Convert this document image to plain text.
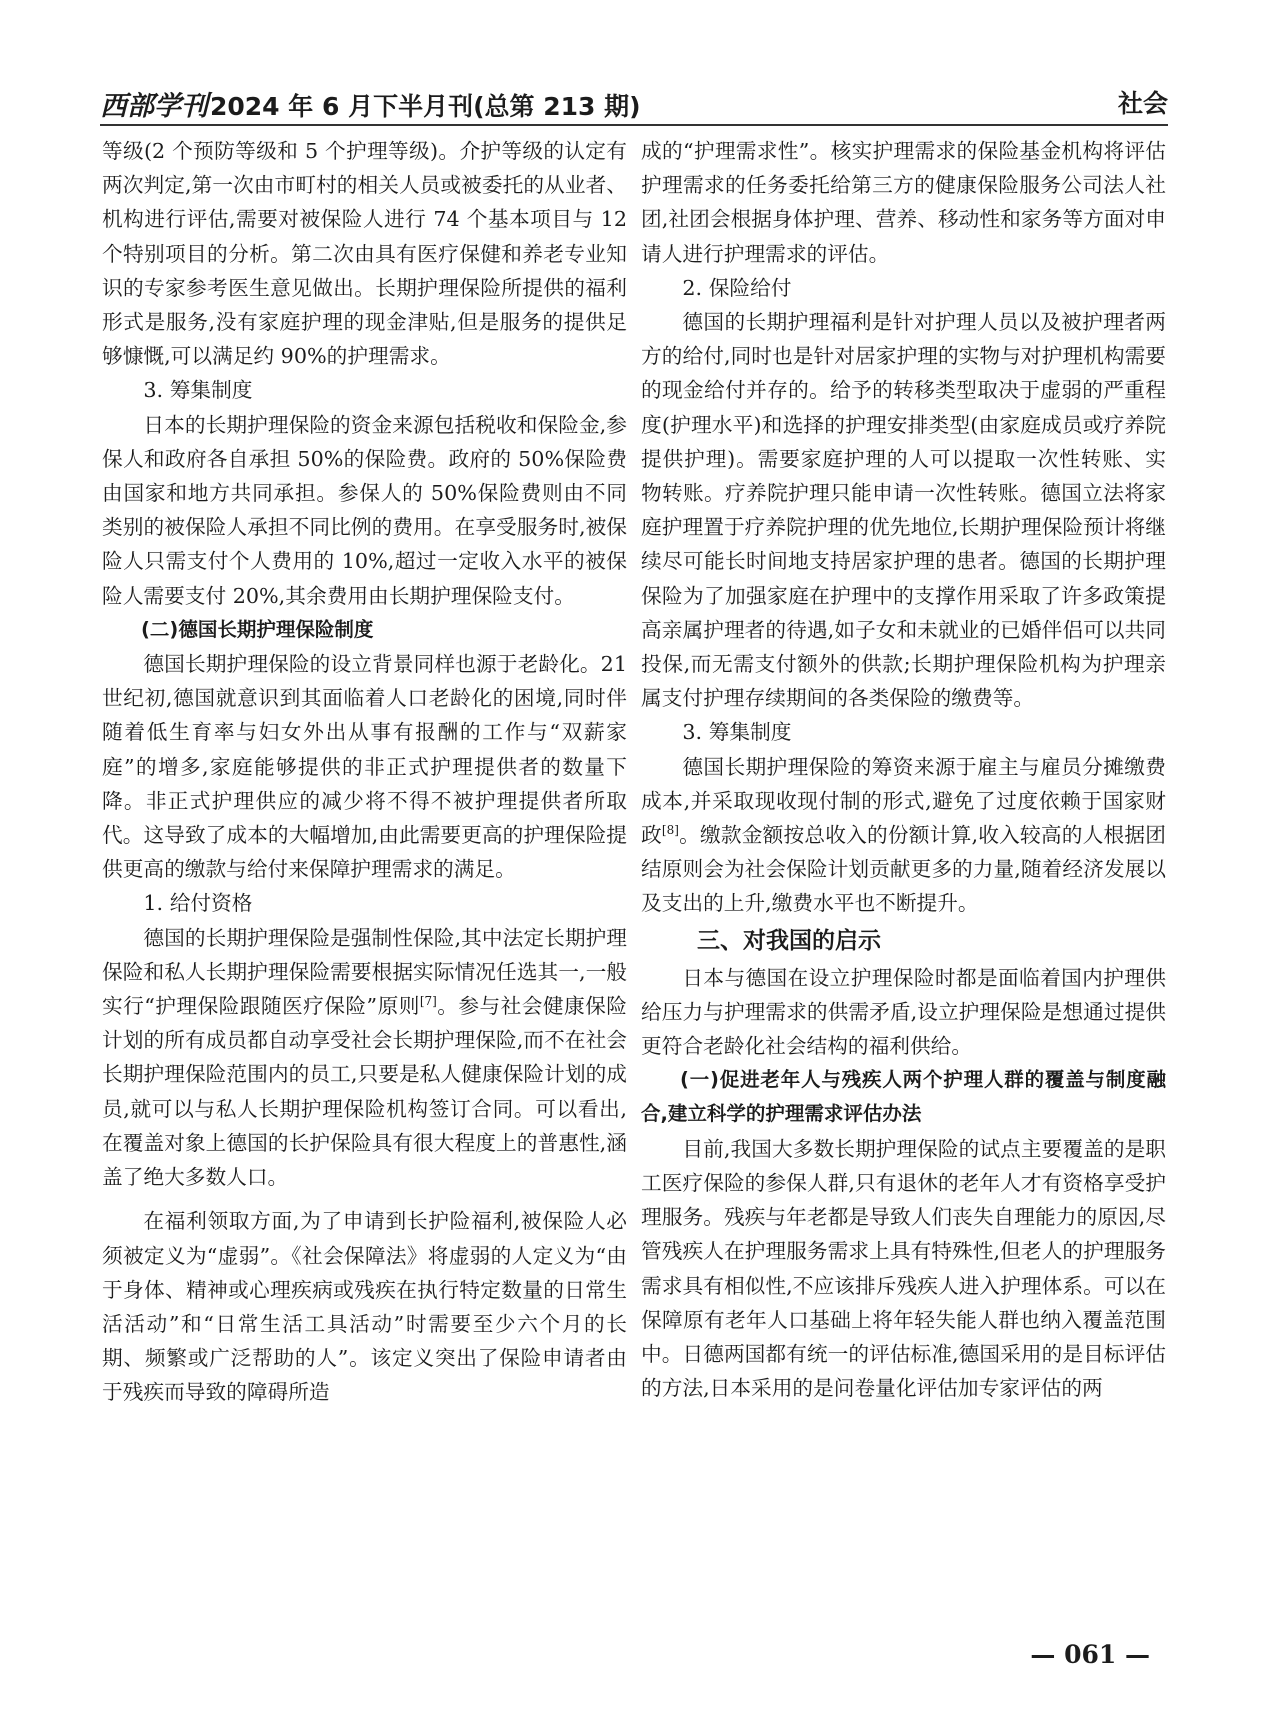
西部学刊2024 年 6 月下半月刊(总第 213 期)	社会

等级(2 个预防等级和 5 个护理等级)。介护等级的认定有两次判定,第一次由市町村的相关人员或被委托的从业者、机构进行评估,需要对被保险人进行 74 个基本项目与 12 个特别项目的分析。第二次由具有医疗保健和养老专业知识的专家参考医生意见做出。长期护理保险所提供的福利形式是服务,没有家庭护理的现金津贴,但是服务的提供足够慷慨,可以满足约 90%的护理需求。

3. 筹集制度

日本的长期护理保险的资金来源包括税收和保险金,参保人和政府各自承担 50%的保险费。政府的 50%保险费由国家和地方共同承担。参保人的 50%保险费则由不同类别的被保险人承担不同比例的费用。在享受服务时,被保险人只需支付个人费用的 10%,超过一定收入水平的被保险人需要支付 20%,其余费用由长期护理保险支付。

(二)德国长期护理保险制度

德国长期护理保险的设立背景同样也源于老龄化。21 世纪初,德国就意识到其面临着人口老龄化的困境,同时伴随着低生育率与妇女外出从事有报酬的工作与“双薪家庭”的增多,家庭能够提供的非正式护理提供者的数量下降。非正式护理供应的减少将不得不被护理提供者所取代。这导致了成本的大幅增加,由此需要更高的护理保险提供更高的缴款与给付来保障护理需求的满足。

1. 给付资格

德国的长期护理保险是强制性保险,其中法定长期护理保险和私人长期护理保险需要根据实际情况任选其一,一般实行“护理保险跟随医疗保险”原则[7]。参与社会健康保险计划的所有成员都自动享受社会长期护理保险,而不在社会长期护理保险范围内的员工,只要是私人健康保险计划的成员,就可以与私人长期护理保险机构签订合同。可以看出,在覆盖对象上德国的长护保险具有很大程度上的普惠性,涵盖了绝大多数人口。

在福利领取方面,为了申请到长护险福利,被保险人必须被定义为“虚弱”。《社会保障法》将虚弱的人定义为“由于身体、精神或心理疾病或残疾在执行特定数量的日常生活活动”和“日常生活工具活动”时需要至少六个月的长期、频繁或广泛帮助的人”。该定义突出了保险申请者由于残疾而导致的障碍所造

成的“护理需求性”。核实护理需求的保险基金机构将评估护理需求的任务委托给第三方的健康保险服务公司法人社团,社团会根据身体护理、营养、移动性和家务等方面对申请人进行护理需求的评估。

2. 保险给付

德国的长期护理福利是针对护理人员以及被护理者两方的给付,同时也是针对居家护理的实物与对护理机构需要的现金给付并存的。给予的转移类型取决于虚弱的严重程度(护理水平)和选择的护理安排类型(由家庭成员或疗养院提供护理)。需要家庭护理的人可以提取一次性转账、实物转账。疗养院护理只能申请一次性转账。德国立法将家庭护理置于疗养院护理的优先地位,长期护理保险预计将继续尽可能长时间地支持居家护理的患者。德国的长期护理保险为了加强家庭在护理中的支撑作用采取了许多政策提高亲属护理者的待遇,如子女和未就业的已婚伴侣可以共同投保,而无需支付额外的供款;长期护理保险机构为护理亲属支付护理存续期间的各类保险的缴费等。

3. 筹集制度

德国长期护理保险的筹资来源于雇主与雇员分摊缴费成本,并采取现收现付制的形式,避免了过度依赖于国家财政[8]。缴款金额按总收入的份额计算,收入较高的人根据团结原则会为社会保险计划贡献更多的力量,随着经济发展以及支出的上升,缴费水平也不断提升。

三、对我国的启示

日本与德国在设立护理保险时都是面临着国内护理供给压力与护理需求的供需矛盾,设立护理保险是想通过提供更符合老龄化社会结构的福利供给。

(一)促进老年人与残疾人两个护理人群的覆盖与制度融合,建立科学的护理需求评估办法

目前,我国大多数长期护理保险的试点主要覆盖的是职工医疗保险的参保人群,只有退休的老年人才有资格享受护理服务。残疾与年老都是导致人们丧失自理能力的原因,尽管残疾人在护理服务需求上具有特殊性,但老人的护理服务需求具有相似性,不应该排斥残疾人进入护理体系。可以在保障原有老年人口基础上将年轻失能人群也纳入覆盖范围中。日德两国都有统一的评估标准,德国采用的是目标评估的方法,日本采用的是问卷量化评估加专家评估的两

— 061 —
